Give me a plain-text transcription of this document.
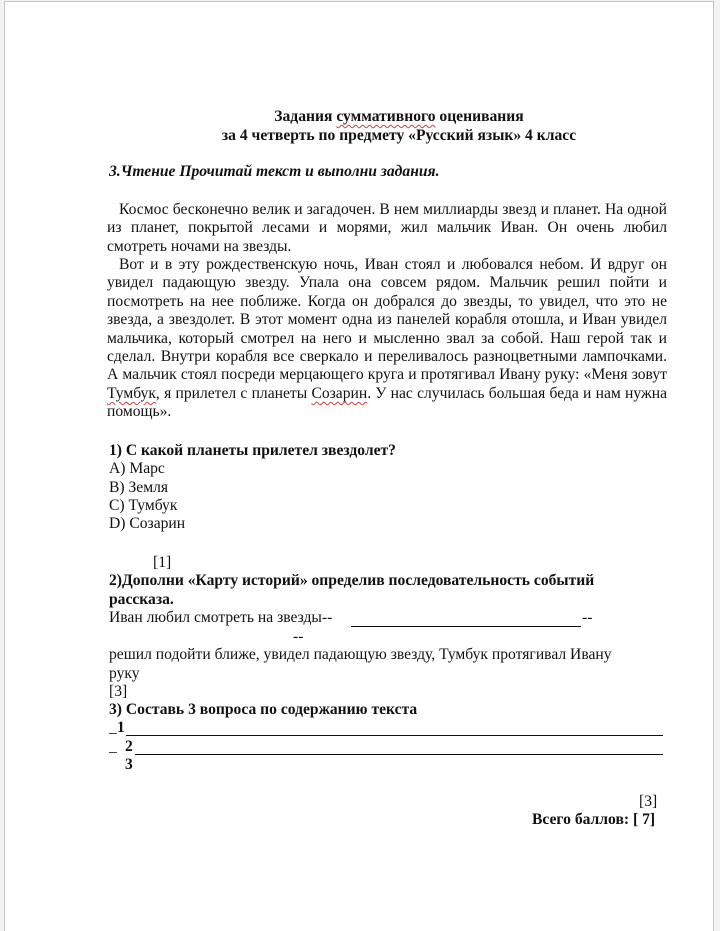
Задания суммативного оценивания
за 4 четверть по предмету «Русский язык» 4 класс
3.Чтение Прочитай текст и выполни задания.
Космос бесконечно велик и загадочен. В нем миллиарды звезд и планет. На одной из планет, покрытой лесами и морями, жил мальчик Иван. Он очень любил смотреть ночами на звезды.
Вот и в эту рождественскую ночь, Иван стоял и любовался небом. И вдруг он увидел падающую звезду. Упала она совсем рядом. Мальчик решил пойти и посмотреть на нее поближе. Когда он добрался до звезды, то увидел, что это не звезда, а звездолет. В этот момент одна из панелей корабля отошла, и Иван увидел мальчика, который смотрел на него и мысленно звал за собой. Наш герой так и сделал. Внутри корабля все сверкало и переливалось разноцветными лампочками. А мальчик стоял посреди мерцающего круга и протягивал Ивану руку: «Меня зовут Тумбук, я прилетел с планеты Созарин. У нас случилась большая беда и нам нужна помощь».
1) С какой планеты прилетел звездолет?
A) Марс
B) Земля
C) Тумбук
D) Созарин
[1]
2)Дополни «Карту историй» определив последовательность событий
рассказа.
Иван любил смотреть на звезды--	--
--
решил подойти ближе, увидел падающую звезду, Тумбук протягивал Ивану
руку
[3]
3) Составь 3 вопроса по содержанию текста
_ 1
_ 2
3
[3]
Всего баллов: [ 7]
